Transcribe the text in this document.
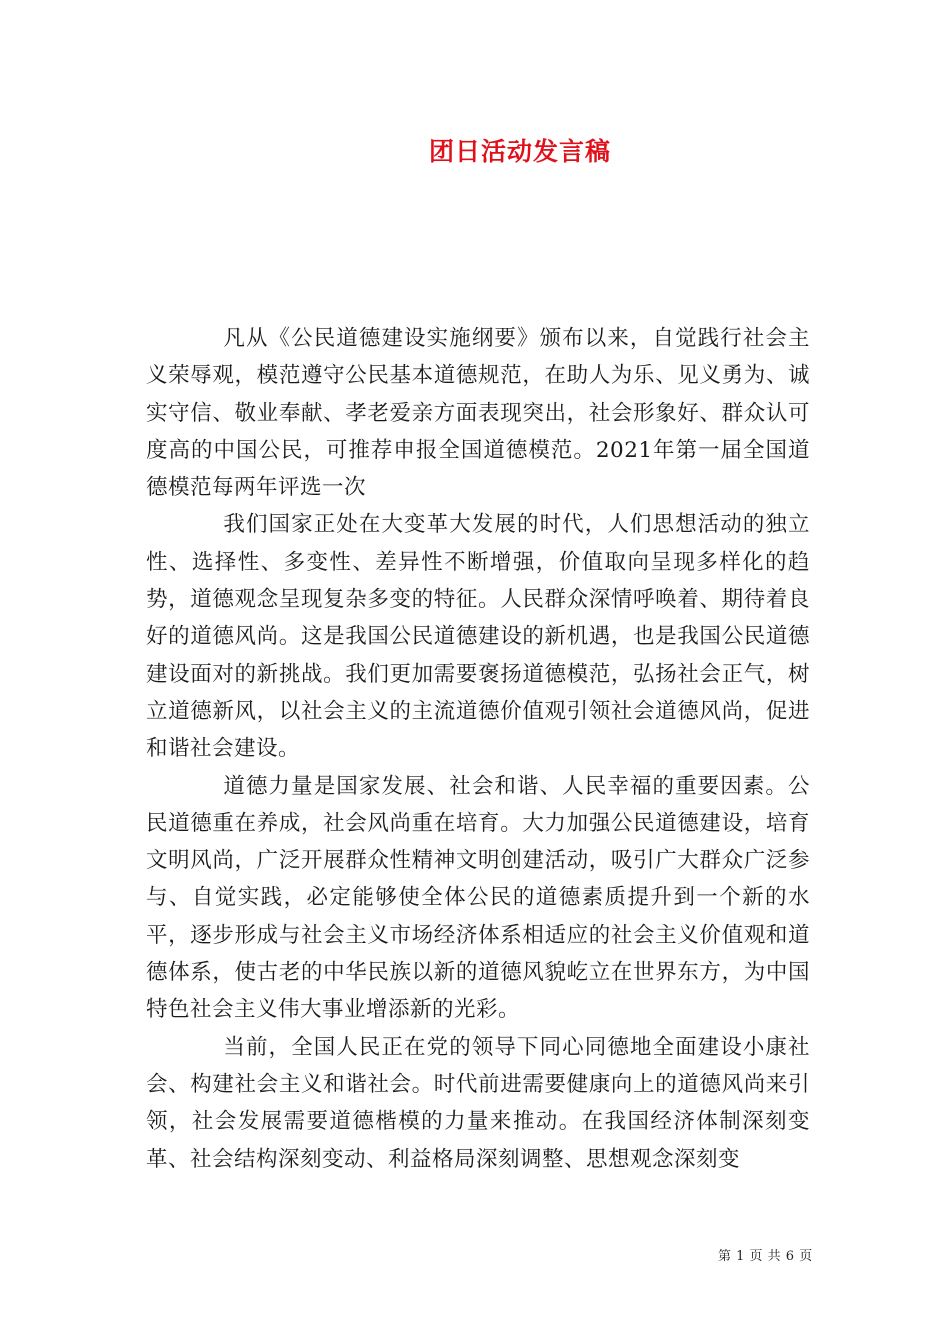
团日活动发言稿

凡从《公民道德建设实施纲要》颁布以来，自觉践行社会主义荣辱观，模范遵守公民基本道德规范，在助人为乐、见义勇为、诚实守信、敬业奉献、孝老爱亲方面表现突出，社会形象好、群众认可度高的中国公民，可推荐申报全国道德模范。2021年第一届全国道德模范每两年评选一次

我们国家正处在大变革大发展的时代，人们思想活动的独立性、选择性、多变性、差异性不断增强，价值取向呈现多样化的趋势，道德观念呈现复杂多变的特征。人民群众深情呼唤着、期待着良好的道德风尚。这是我国公民道德建设的新机遇，也是我国公民道德建设面对的新挑战。我们更加需要褒扬道德模范，弘扬社会正气，树立道德新风，以社会主义的主流道德价值观引领社会道德风尚，促进和谐社会建设。

道德力量是国家发展、社会和谐、人民幸福的重要因素。公民道德重在养成，社会风尚重在培育。大力加强公民道德建设，培育文明风尚，广泛开展群众性精神文明创建活动，吸引广大群众广泛参与、自觉实践，必定能够使全体公民的道德素质提升到一个新的水平，逐步形成与社会主义市场经济体系相适应的社会主义价值观和道德体系，使古老的中华民族以新的道德风貌屹立在世界东方，为中国特色社会主义伟大事业增添新的光彩。

当前，全国人民正在党的领导下同心同德地全面建设小康社会、构建社会主义和谐社会。时代前进需要健康向上的道德风尚来引领，社会发展需要道德楷模的力量来推动。在我国经济体制深刻变革、社会结构深刻变动、利益格局深刻调整、思想观念深刻变

第 1 页 共 6 页
